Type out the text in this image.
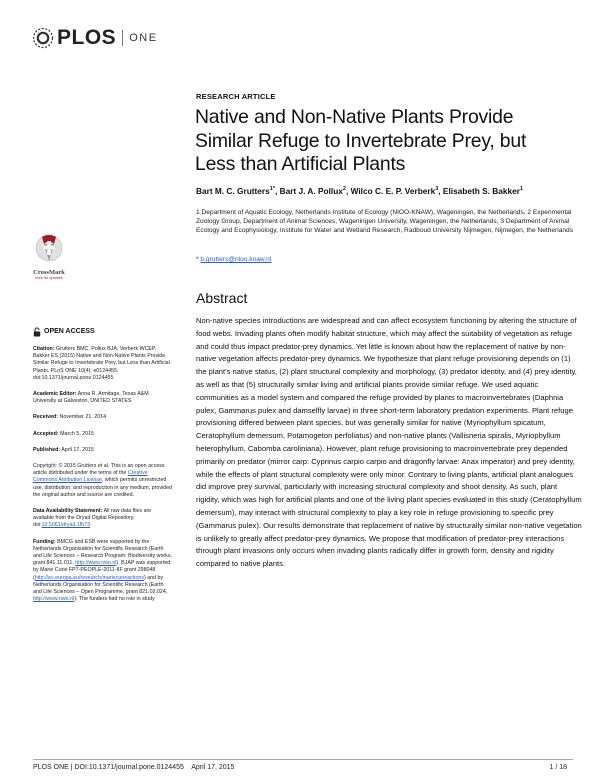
PLOS ONE
RESEARCH ARTICLE
Native and Non-Native Plants Provide Similar Refuge to Invertebrate Prey, but Less than Artificial Plants
Bart M. C. Grutters$^{1*}$, Bart J. A. Pollux$^2$, Wilco C. E. P. Verberk$^3$, Elisabeth S. Bakker$^1$
1 Department of Aquatic Ecology, Netherlands Institute of Ecology (NIOO-KNAW), Wageningen, the Netherlands, 2 Experimental Zoology Group, Department of Animal Sciences, Wageningen University, Wageningen, the Netherlands, 3 Department of Animal Ecology and Ecophysiology, Institute for Water and Wetland Research, Radboud University Nijmegen, Nijmegen, the Netherlands
* b.grutters@nioo.knaw.nl
CrossMark
click for updates
Abstract

Non-native species introductions are widespread and can affect ecosystem functioning by altering the structure of food webs. Invading plants often modify habitat structure, which may affect the suitability of vegetation as refuge and could thus impact predator-prey dynamics. Yet little is known about how the replacement of native by non-native vegetation affects predator-prey dynamics. We hypothesize that plant refuge provisioning depends on (1) the plant's native status, (2) plant structural complexity and morphology, (3) predator identity, and (4) prey identity, as well as that (5) structurally similar living and artificial plants provide similar refuge. We used aquatic communities as a model system and compared the refuge provided by plants to macroinvertebrates (Daphnia pulex, Gammarus pulex and damselfly larvae) in three short-term laboratory predation experiments. Plant refuge provisioning differed between plant species, but was generally similar for native (Myriophyllum spicatum, Ceratophyllum demersum, Potamogeton perfoliatus) and non-native plants (Vallisneria spiralis, Myriophyllum heterophyllum, Cabomba caroliniana). However, plant refuge provisioning to macroinvertebrate prey depended primarily on predator (mirror carp: Cyprinus carpio carpio and dragonfly larvae: Anax imperator) and prey identity, while the effects of plant structural complexity were only minor. Contrary to living plants, artificial plant analogues did improve prey survival, particularly with increasing structural complexity and shoot density. As such, plant rigidity, which was high for artificial plants and one of the living plant species evaluated in this study (Ceratophyllum demersum), may interact with structural complexity to play a key role in refuge provisioning to specific prey (Gammarus pulex). Our results demonstrate that replacement of native by structurally similar non-native vegetation is unlikely to greatly affect predator-prey dynamics. We propose that modification of predator-prey interactions through plant invasions only occurs when invading plants radically differ in growth form, density and rigidity compared to native plants.

OPEN ACCESS
Citation: Grutters BMC, Pollux BJA, Verberk WCEP, Bakker ES (2015) Native and Non-Native Plants Provide Similar Refuge to Invertebrate Prey, but Less than Artificial Plants. PLoS ONE 10(4): e0124455. doi:10.1371/journal.pone.0124455
Academic Editor: Anna R. Armitage, Texas A&M University at Galveston, UNITED STATES
Received: November 21, 2014
Accepted: March 5, 2015
Published: April 17, 2015
Copyright: © 2015 Grutters et al. This is an open access article distributed under the terms of the Creative Commons Attribution License, which permits unrestricted use, distribution, and reproduction in any medium, provided the original author and source are credited.
Data Availability Statement: All raw data files are available from the Dryad Digital Repository, doi:10.5061/dryad.1fh73.
Funding: BMCG and ESB were supported by the Netherlands Organisation for Scientific Research (Earth and Life Sciences – Research Program: Biodiversity works, grant 841.11.011, http://www.nwo.nl). BJAP was supported by Marie Curie FP7-PEOPLE-2011-IIF grant 298048 (http://ec.europa.eu/research/mariecurieactions) and by Netherlands Organisation for Scientific Research (Earth and Life Sciences – Open Programme, grant 821.02.024, http://www.nwo.nl). The funders had no role in study
PLOS ONE | DOI:10.1371/journal.pone.0124455    April 17, 2015	1 / 18
